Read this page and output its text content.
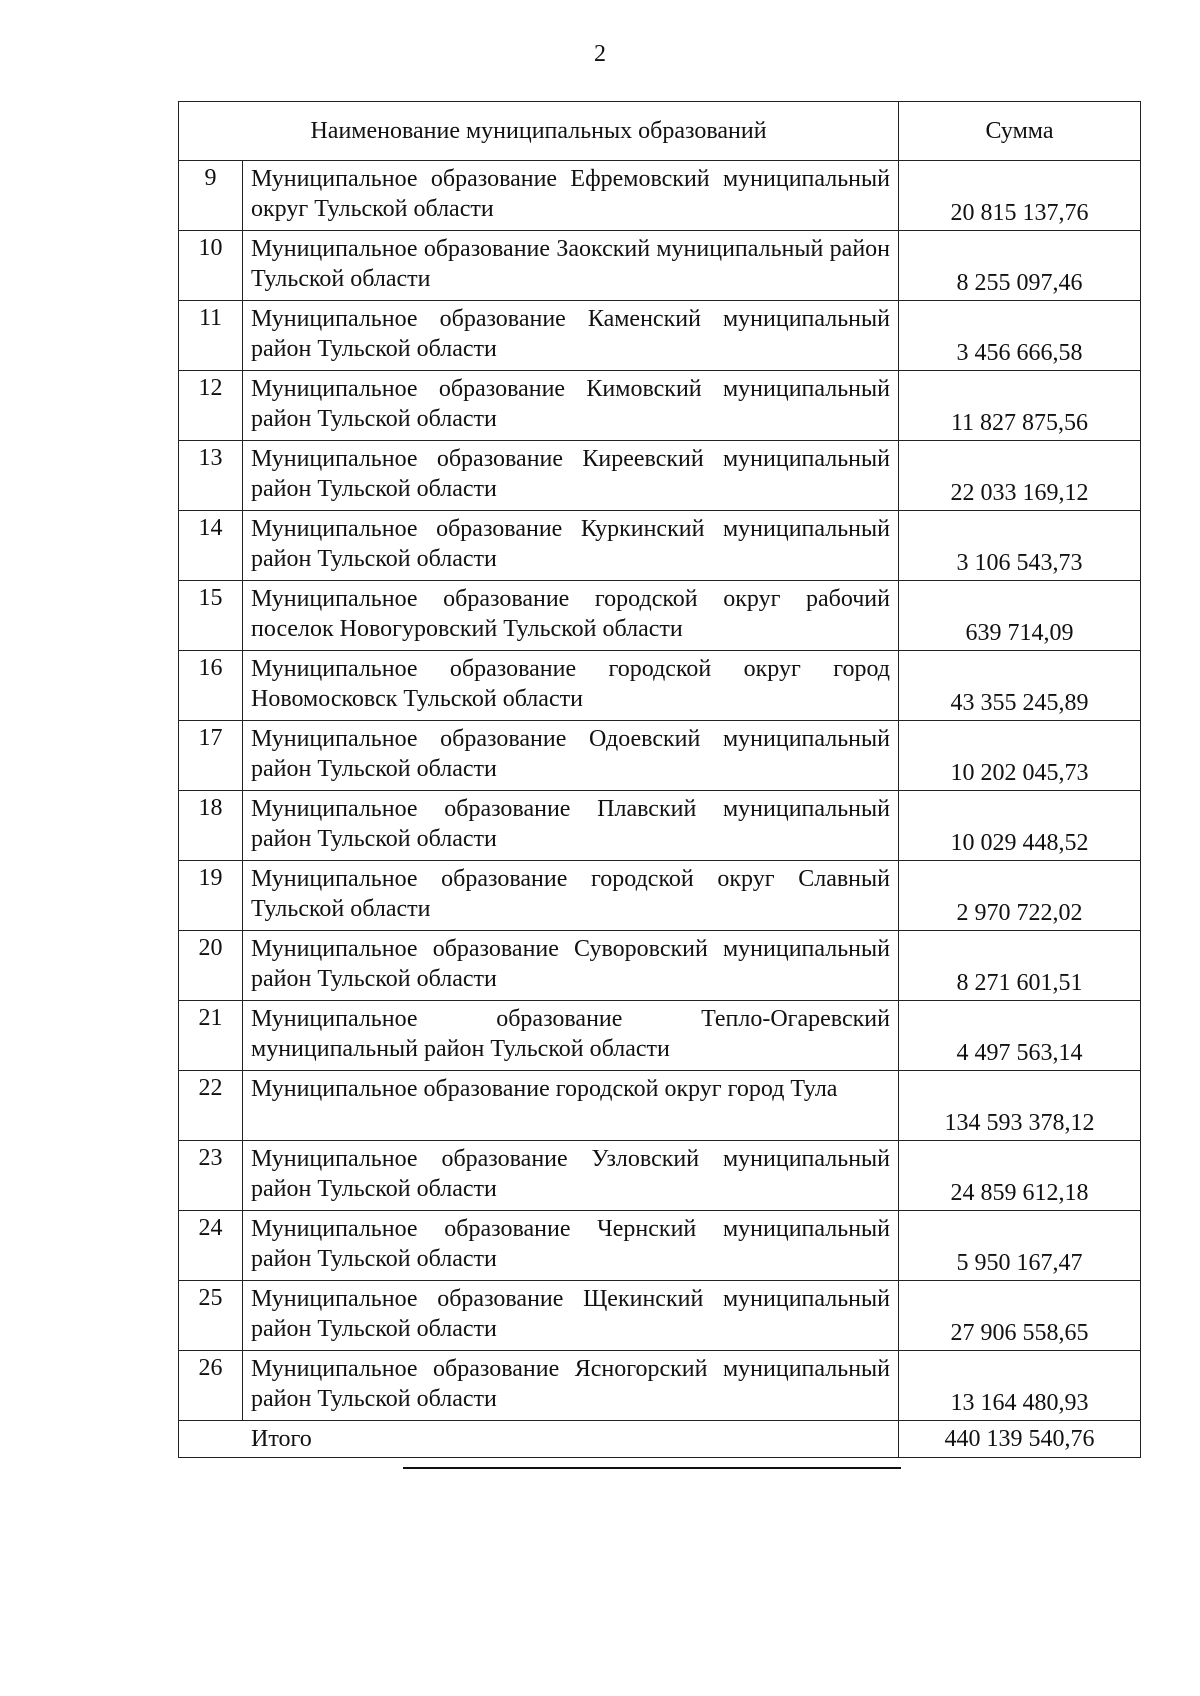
2
Наименование муниципальных образований		Сумма
9	Муниципальное образование Ефремовский муниципальный округ Тульской области	20 815 137,76
10	Муниципальное образование Заокский муниципальный район Тульской области	8 255 097,46
11	Муниципальное образование Каменский муниципальный район Тульской области	3 456 666,58
12	Муниципальное образование Кимовский муниципальный район Тульской области	11 827 875,56
13	Муниципальное образование Киреевский муниципальный район Тульской области	22 033 169,12
14	Муниципальное образование Куркинский муниципальный район Тульской области	3 106 543,73
15	Муниципальное образование городской округ рабочий поселок Новогуровский Тульской области	639 714,09
16	Муниципальное образование городской округ город Новомосковск Тульской области	43 355 245,89
17	Муниципальное образование Одоевский муниципальный район Тульской области	10 202 045,73
18	Муниципальное образование Плавский муниципальный район Тульской области	10 029 448,52
19	Муниципальное образование городской округ Славный Тульской области	2 970 722,02
20	Муниципальное образование Суворовский муниципальный район Тульской области	8 271 601,51
21	Муниципальное образование Тепло-Огаревский муниципальный район Тульской области	4 497 563,14
22	Муниципальное образование городской округ город Тула	134 593 378,12
23	Муниципальное образование Узловский муниципальный район Тульской области	24 859 612,18
24	Муниципальное образование Чернский муниципальный район Тульской области	5 950 167,47
25	Муниципальное образование Щекинский муниципальный район Тульской области	27 906 558,65
26	Муниципальное образование Ясногорский муниципальный район Тульской области	13 164 480,93
Итого		440 139 540,76
